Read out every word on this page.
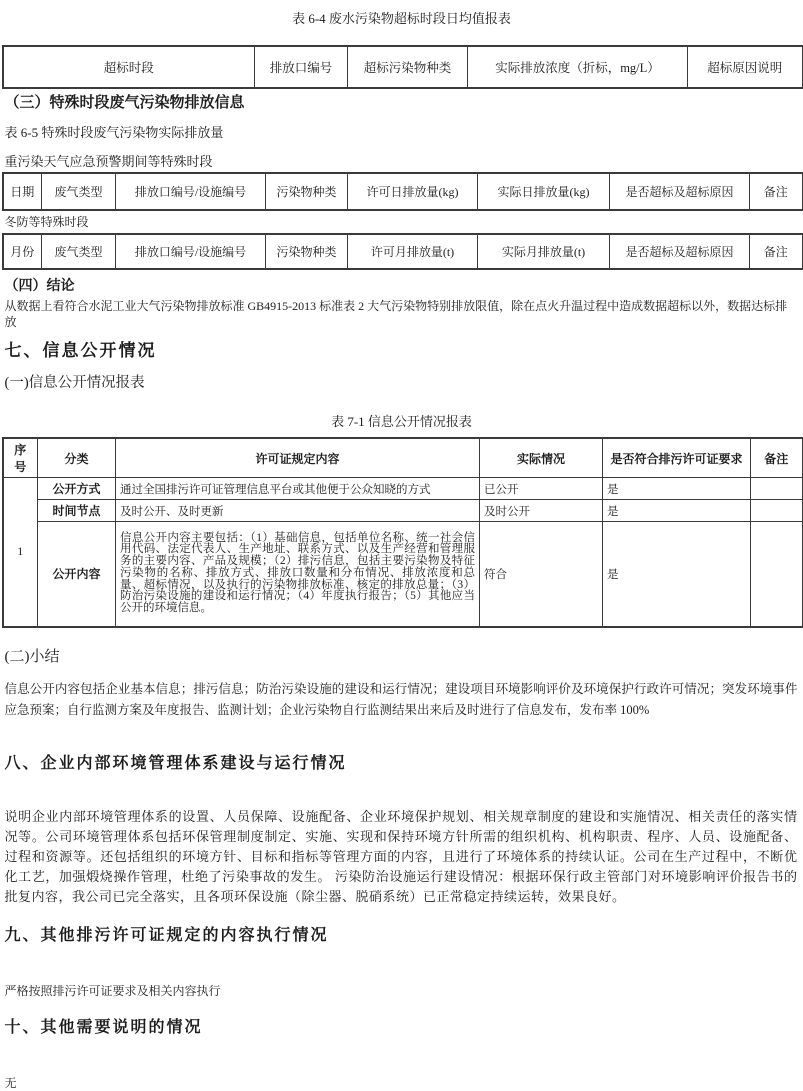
表 6-4 废水污染物超标时段日均值报表
超标时段	排放口编号	超标污染物种类	实际排放浓度（折标，mg/L）	超标原因说明
（三）特殊时段废气污染物排放信息
表 6-5 特殊时段废气污染物实际排放量
重污染天气应急预警期间等特殊时段
日期	废气类型	排放口编号/设施编号	污染物种类	许可日排放量(kg)	实际日排放量(kg)	是否超标及超标原因	备注
冬防等特殊时段
月份	废气类型	排放口编号/设施编号	污染物种类	许可月排放量(t)	实际月排放量(t)	是否超标及超标原因	备注
（四）结论
从数据上看符合水泥工业大气污染物排放标准 GB4915-2013 标准表 2 大气污染物特别排放限值，除在点火升温过程中造成数据超标以外，数据达标排放
七、信息公开情况
(一)信息公开情况报表
表 7-1 信息公开情况报表
序号	分类	许可证规定内容	实际情况	是否符合排污许可证要求	备注
1	公开方式	通过全国排污许可证管理信息平台或其他便于公众知晓的方式	已公开	是	
	时间节点	及时公开、及时更新	及时公开	是	
	公开内容	信息公开内容主要包括：（1）基础信息，包括单位名称、统一社会信用代码、法定代表人、生产地址、联系方式、以及生产经营和管理服务的主要内容、产品及规模；（2）排污信息，包括主要污染物及特征污染物的名称、排放方式、排放口数量和分布情况、排放浓度和总量、超标情况，以及执行的污染物排放标准、核定的排放总量；（3）防治污染设施的建设和运行情况；（4）年度执行报告；（5）其他应当公开的环境信息。	符合	是	
(二)小结
信息公开内容包括企业基本信息；排污信息；防治污染设施的建设和运行情况；建设项目环境影响评价及环境保护行政许可情况；突发环境事件应急预案；自行监测方案及年度报告、监测计划；企业污染物自行监测结果出来后及时进行了信息发布，发布率 100%
八、企业内部环境管理体系建设与运行情况
说明企业内部环境管理体系的设置、人员保障、设施配备、企业环境保护规划、相关规章制度的建设和实施情况、相关责任的落实情况等。公司环境管理体系包括环保管理制度制定、实施、实现和保持环境方针所需的组织机构、机构职责、程序、人员、设施配备、过程和资源等。还包括组织的环境方针、目标和指标等管理方面的内容，且进行了环境体系的持续认证。公司在生产过程中，不断优化工艺，加强煅烧操作管理，杜绝了污染事故的发生。 污染防治设施运行建设情况：根据环保行政主管部门对环境影响评价报告书的批复内容，我公司已完全落实，且各项环保设施（除尘器、脱硝系统）已正常稳定持续运转，效果良好。
九、其他排污许可证规定的内容执行情况
严格按照排污许可证要求及相关内容执行
十、其他需要说明的情况
无
